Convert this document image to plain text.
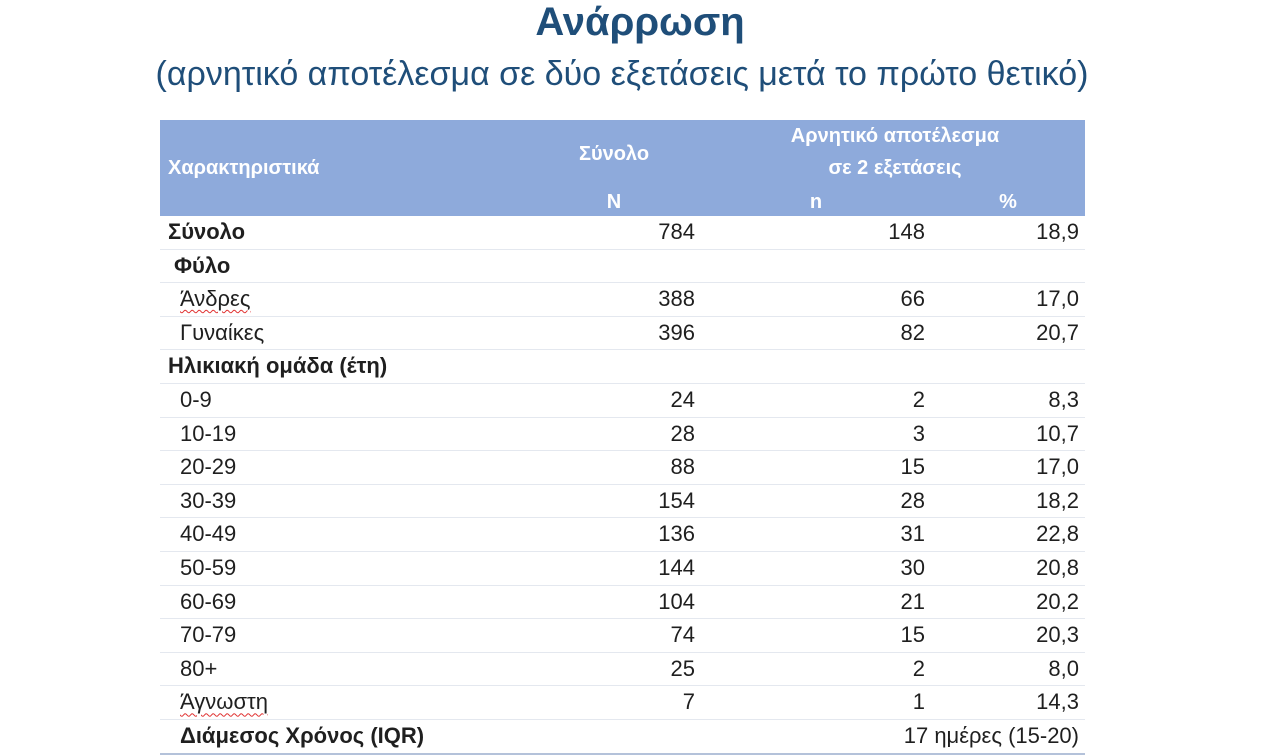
Ανάρρωση
(αρνητικό αποτέλεσμα σε δύο εξετάσεις μετά το πρώτο θετικό)
Χαρακτηριστικά
Σύνολο
Αρνητικό αποτέλεσμα
σε 2 εξετάσεις
N	n	%
Σύνολο	784	148	18,9
Φύλο
Άνδρες	388	66	17,0
Γυναίκες	396	82	20,7
Ηλικιακή ομάδα (έτη)
0-9	24	2	8,3
10-19	28	3	10,7
20-29	88	15	17,0
30-39	154	28	18,2
40-49	136	31	22,8
50-59	144	30	20,8
60-69	104	21	20,2
70-79	74	15	20,3
80+	25	2	8,0
Άγνωστη	7	1	14,3
Διάμεσος Χρόνος (IQR)	17 ημέρες (15-20)
